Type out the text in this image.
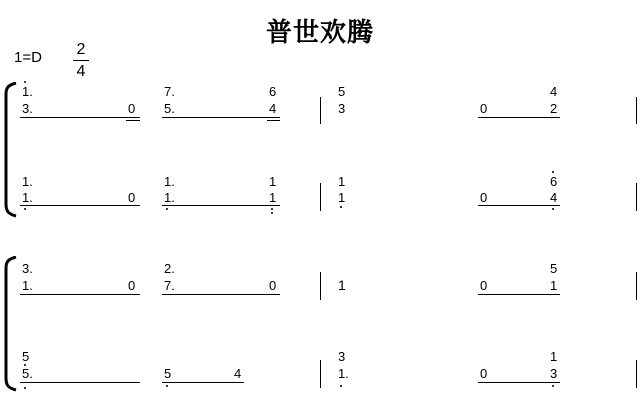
普世欢腾
1=D 2
4
1.	7.	6	5	4
3.	0 5.	4	3	0	2
1.	1.	1	1	6
1.	0 1.	1	1	0	4
3.	2.	5
1.	0 7.	0	1	0	1
5	3	1
5.	5	4	1.	0	3
